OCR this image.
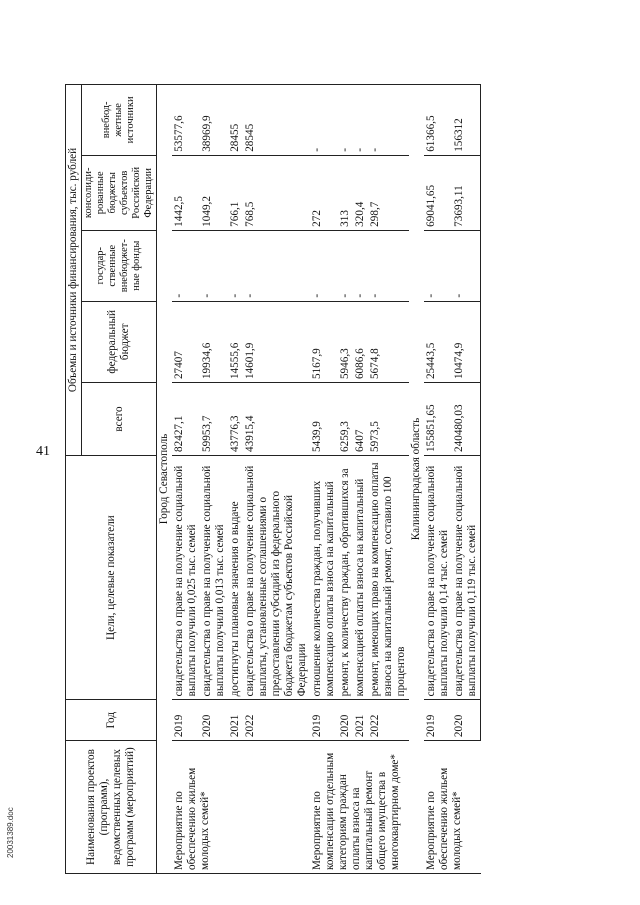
41
20031389.doc	Наименования проектов (программ), ведомственных целевых программ (мероприятий)	Год	Цели, целевые показатели	Объемы и источники финансирования, тыс. рублей				
			всего	федеральный бюджет	государ-ственные внебюджет-ные фонды	консолиди-рованные бюджеты субъектов Российской Федерации	внебюд-жетные источники
Город Севастополь							
Мероприятие по обеспечению жильем молодых семей*	2019	свидетельства о праве на получение социальной выплаты получили 0,025 тыс. семей	82427,1	27407	-	1442,5	53577,6
	2020	свидетельства о праве на получение социальной выплаты получили 0,013 тыс. семей	59953,7	19934,6	-	1049,2	38969,9
	2021	достигнуты плановые значения о выдаче	43776,3	14555,6	-	766,1	28455
	2022	свидетельства о праве на получение социальной выплаты, установленные соглашениями о предоставлении субсидий из федерального бюджета бюджетам субъектов Российской Федерации	43915,4	14601,9	-	768,5	28545
Мероприятие по компенсации отдельным категориям граждан оплаты взноса на капитальный ремонт общего имущества в многоквартирном доме*	2019	отношение количества граждан, получивших компенсацию оплаты взноса на капитальный	5439,9	5167,9	-	272	-
	2020	ремонт, к количеству граждан, обратившихся за	6259,3	5946,3	-	313	-
	2021	компенсацией оплаты взноса на капитальный	6407	6086,6	-	320,4	-
	2022	ремонт, имеющих право на компенсацию оплаты взноса на капитальный ремонт, составило 100 процентов	5973,5	5674,8	-	298,7	-
Калининградская область							
Мероприятие по обеспечению жильем молодых семей*	2019	свидетельства о праве на получение социальной выплаты получили 0,14 тыс. семей	155851,65	25443,5	-	69041,65	61366,5
	2020	свидетельства о праве на получение социальной выплаты получили 0,119 тыс. семей	240480,03	10474,9	-	73693,11	156312
